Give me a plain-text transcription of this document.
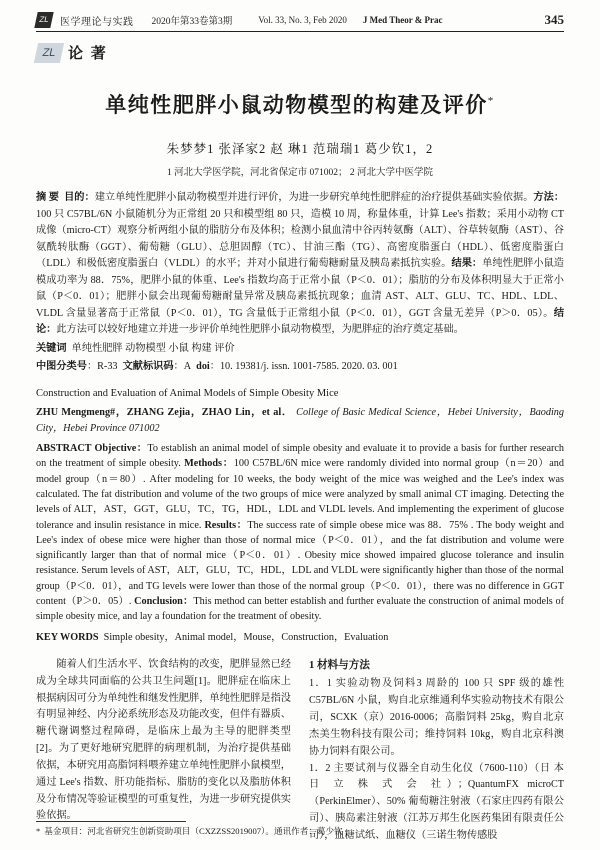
ZL	医学理论与实践 2020年第33卷第3期	Vol. 33, No. 3, Feb 2020 J Med Theor & Prac	345
ZL 论 著
单纯性肥胖小鼠动物模型的构建及评价*
朱梦梦1 张泽家2 赵 琳1 范瑞瑞1 葛少钦1，2
1 河北大学医学院，河北省保定市 071002； 2 河北大学中医学院
摘 要 目的：建立单纯性肥胖小鼠动物模型并进行评价，为进一步研究单纯性肥胖症的治疗提供基础实验依据。方法：100 只 C57BL/6N 小鼠随机分为正常组 20 只和模型组 80 只，造模 10 周，称量体重，计算 Lee's 指数；采用小动物 CT 成像（micro-CT）观察分析两组小鼠的脂肪分布及体积；检测小鼠血清中谷丙转氨酶（ALT）、谷草转氨酶（AST）、谷氨酰转肽酶（GGT）、葡萄糖（GLU）、总胆固醇（TC）、甘油三酯（TG）、高密度脂蛋白（HDL）、低密度脂蛋白（LDL）和极低密度脂蛋白（VLDL）的水平；并对小鼠进行葡萄糖耐量及胰岛素抵抗实验。结果：单纯性肥胖小鼠造模成功率为 88．75%，肥胖小鼠的体重、Lee's 指数均高于正常小鼠（P＜0．01）；脂肪的分布及体积明显大于正常小鼠（P＜0．01）；肥胖小鼠会出现葡萄糖耐量异常及胰岛素抵抗现象；血清 AST、ALT、GLU、TC、HDL、LDL、VLDL 含量显著高于正常鼠（P＜0．01），TG 含量低于正常组小鼠（P＜0．01），GGT 含量无差异（P＞0．05）。结论：此方法可以较好地建立并进一步评价单纯性肥胖小鼠动物模型，为肥胖症的治疗奠定基础。
关键词 单纯性肥胖 动物模型 小鼠 构建 评价
中图分类号：R-33 文献标识码：A doi：10. 19381/j. issn. 1001-7585. 2020. 03. 001
Construction and Evaluation of Animal Models of Simple Obesity Mice
ZHU Mengmeng#，ZHANG Zejia，ZHAO Lin，et al． College of Basic Medical Science，Hebei University，Baoding City，Hebei Province 071002
ABSTRACT Objective：To establish an animal model of simple obesity and evaluate it to provide a basis for further research on the treatment of simple obesity. Methods：100 C57BL/6N mice were randomly divided into normal group（n＝20）and model group（n＝80）. After modeling for 10 weeks, the body weight of the mice was weighed and the Lee's index was calculated. The fat distribution and volume of the two groups of mice were analyzed by small animal CT imaging. Detecting the levels of ALT，AST，GGT，GLU，TC，TG，HDL，LDL and VLDL levels. And implementing the experiment of glucose tolerance and insulin resistance in mice. Results：The success rate of simple obese mice was 88．75% . The body weight and Lee's index of obese mice were higher than those of normal mice（P＜0．01），and the fat distribution and volume were significantly larger than that of normal mice（P＜0．01）. Obesity mice showed impaired glucose tolerance and insulin resistance. Serum levels of AST，ALT，GLU，TC，HDL，LDL and VLDL were significantly higher than those of the normal group（P＜0．01），and TG levels were lower than those of the normal group（P＜0．01），there was no difference in GGT content（P＞0．05）. Conclusion：This method can better establish and further evaluate the construction of animal models of simple obesity mice, and lay a foundation for the treatment of obesity.
KEY WORDS Simple obesity，Animal model，Mouse，Construction，Evaluation

随着人们生活水平、饮食结构的改变，肥胖显然已经成为全球共同面临的公共卫生问题[1]。肥胖症在临床上根据病因可分为单纯性和继发性肥胖，单纯性肥胖是指没有明显神经、内分泌系统形态及功能改变，但伴有器质、糖代谢调整过程障碍，是临床上最为主导的肥胖类型[2]。为了更好地研究肥胖的病理机制，为治疗提供基础依据，本研究用高脂饲料喂养建立单纯性肥胖小鼠模型，通过 Lee's 指数、肝功能指标、脂肪的变化以及脂肪体积及分布情况等验证模型的可重复性，为进一步研究提供实验依据。

1 材料与方法

1．1 实验动物及饲料3 周龄的 100 只 SPF 级的雄性 C57BL/6N 小鼠，购自北京维通利华实验动物技术有限公司，SCXK（京）2016-0006；高脂饲料 25kg，购自北京杰美生物科技有限公司；维持饲料 10kg，购自北京科澳协力饲料有限公司。

1．2 主要试剂与仪器全自动生化仪（7600-110）（日 本 日 立 株 式 会 社）；QuantumFX microCT（PerkinElmer）、50% 葡萄糖注射液（石家庄四药有限公司）、胰岛素注射液（江苏万邦生化医药集团有限责任公司），血糖试纸、血糖仪（三诺生物传感股

* 基金项目：河北省研究生创新资助项目（CXZZSS2019007）。通讯作者：葛少钦
